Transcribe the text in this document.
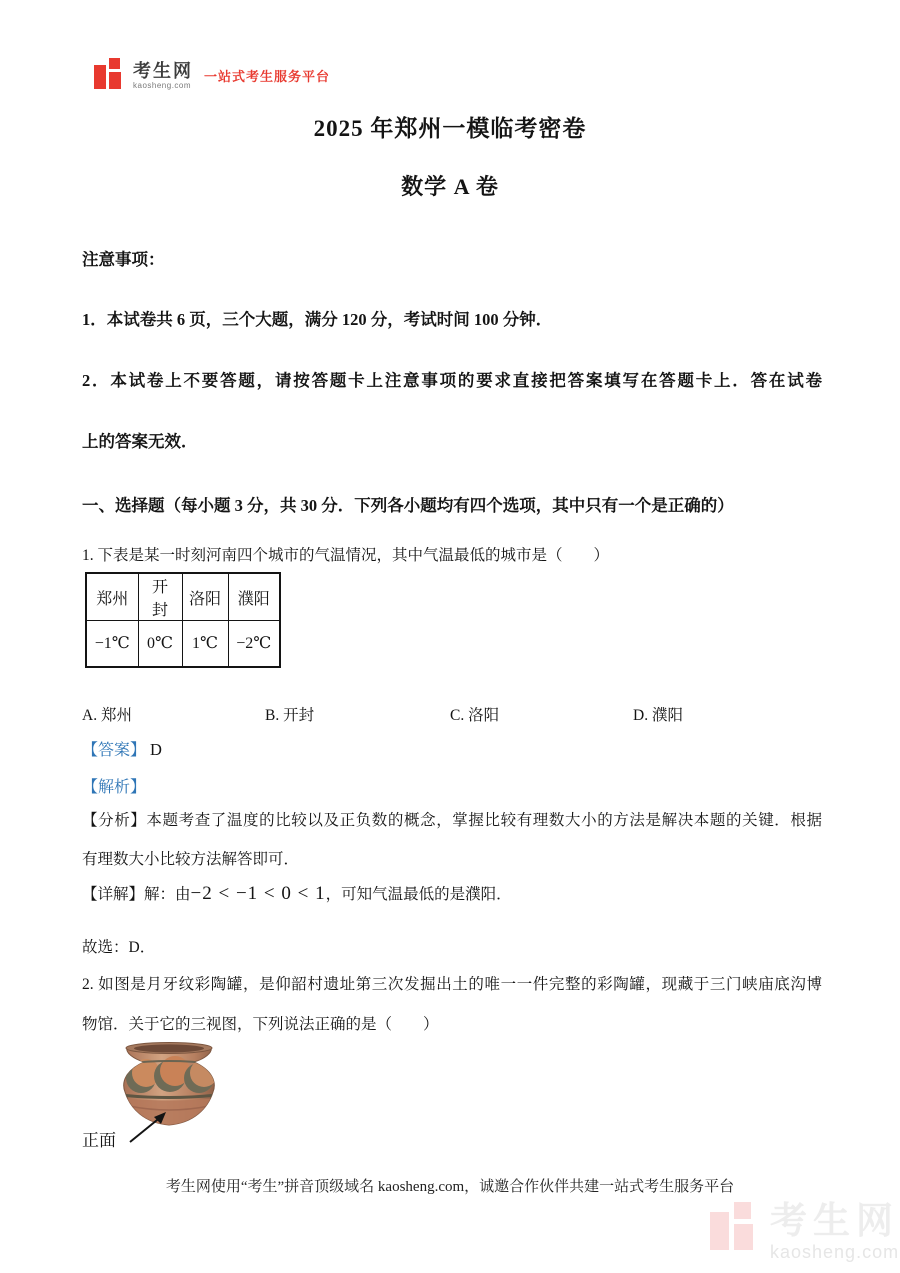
考生网
kaosheng.com
一站式考生服务平台
2025 年郑州一模临考密卷
数学 A 卷
注意事项：
1．本试卷共 6 页，三个大题，满分 120 分，考试时间 100 分钟．
2．本试卷上不要答题，请按答题卡上注意事项的要求直接把答案填写在答题卡上．答在试卷
上的答案无效．
一、选择题（每小题 3 分，共 30 分．下列各小题均有四个选项，其中只有一个是正确的）
1. 下表是某一时刻河南四个城市的气温情况，其中气温最低的城市是（　　）
郑州	开封	洛阳	濮阳
−1℃	0℃	1℃	−2℃
A. 郑州	B. 开封	C. 洛阳	D. 濮阳
【答案】 D
【解析】
【分析】本题考查了温度的比较以及正负数的概念，掌握比较有理数大小的方法是解决本题的关键．根据
有理数大小比较方法解答即可．
【详解】解：由−2 < −1 < 0 < 1，可知气温最低的是濮阳．
故选：D．
2. 如图是月牙纹彩陶罐，是仰韶村遗址第三次发掘出土的唯一一件完整的彩陶罐，现藏于三门峡庙底沟博
物馆．关于它的三视图，下列说法正确的是（　　）
正面
考生网使用“考生”拼音顶级域名 kaosheng.com，诚邀合作伙伴共建一站式考生服务平台
考生网
kaosheng.com
